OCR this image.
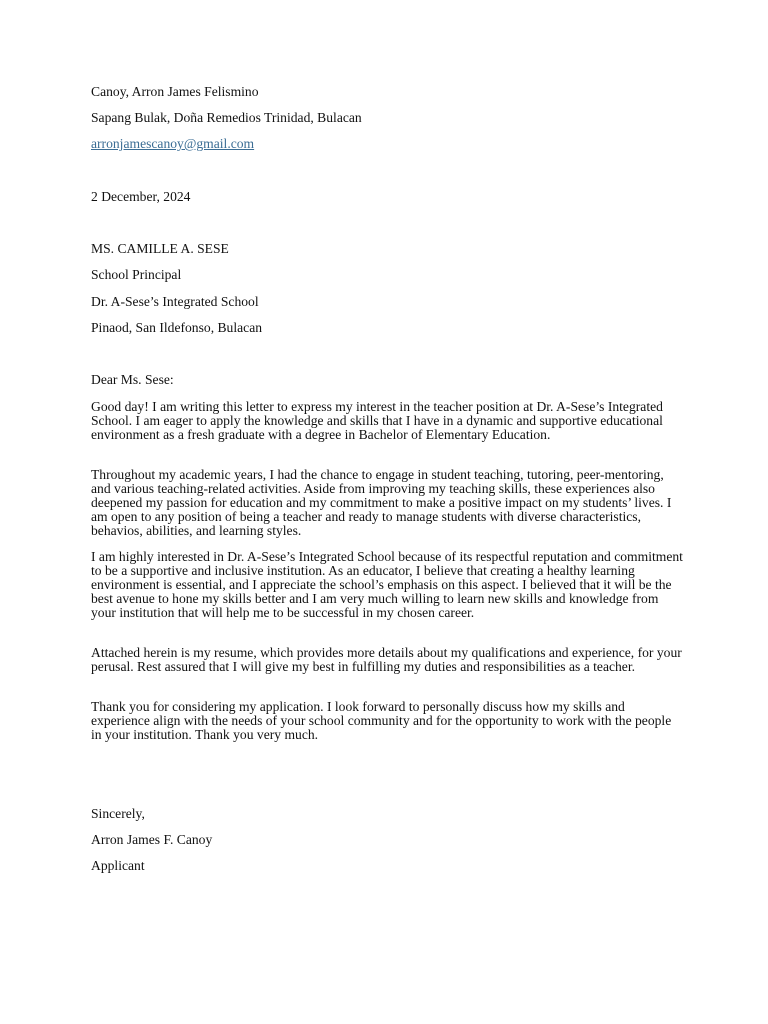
Canoy, Arron James Felismino
Sapang Bulak, Doña Remedios Trinidad, Bulacan
arronjamescanoy@gmail.com
2 December, 2024
MS. CAMILLE A. SESE
School Principal
Dr. A-Sese’s Integrated School
Pinaod, San Ildefonso, Bulacan
Dear Ms. Sese:

Good day! I am writing this letter to express my interest in the teacher position at Dr. A-Sese’s Integrated School. I am eager to apply the knowledge and skills that I have in a dynamic and supportive educational environment as a fresh graduate with a degree in Bachelor of Elementary Education.

Throughout my academic years, I had the chance to engage in student teaching, tutoring, peer-mentoring, and various teaching-related activities. Aside from improving my teaching skills, these experiences also deepened my passion for education and my commitment to make a positive impact on my students’ lives. I am open to any position of being a teacher and ready to manage students with diverse characteristics, behavios, abilities, and learning styles.

I am highly interested in Dr. A-Sese’s Integrated School because of its respectful reputation and commitment to be a supportive and inclusive institution. As an educator, I believe that creating a healthy learning environment is essential, and I appreciate the school’s emphasis on this aspect. I believed that it will be the best avenue to hone my skills better and I am very much willing to learn new skills and knowledge from your institution that will help me to be successful in my chosen career.

Attached herein is my resume, which provides more details about my qualifications and experience, for your perusal. Rest assured that I will give my best in fulfilling my duties and responsibilities as a teacher.

Thank you for considering my application. I look forward to personally discuss how my skills and experience align with the needs of your school community and for the opportunity to work with the people in your institution. Thank you very much.

Sincerely,
Arron James F. Canoy
Applicant
